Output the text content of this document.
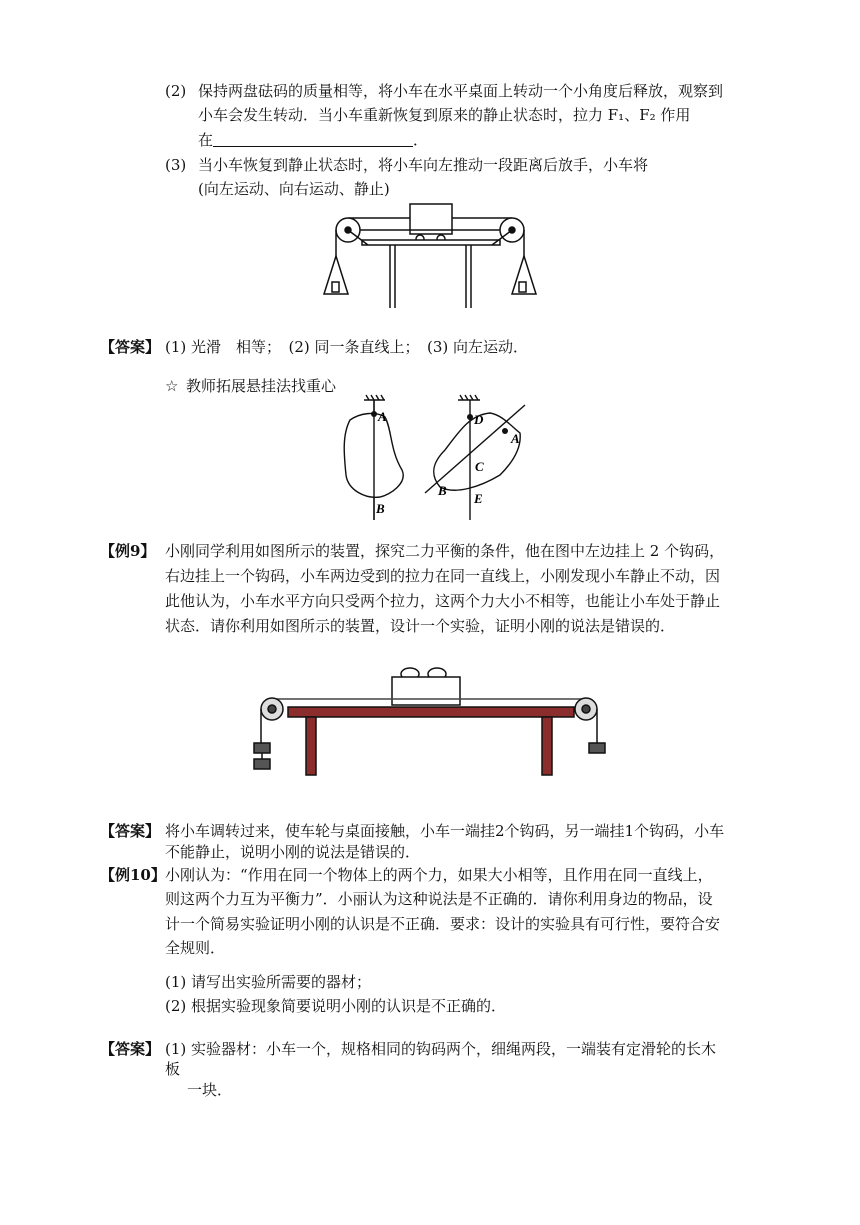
(2) 保持两盘砝码的质量相等，将小车在水平桌面上转动一个小角度后释放，观察到
小车会发生转动．当小车重新恢复到原来的静止状态时，拉力 F₁、F₂ 作用
在	．
(3) 当小车恢复到静止状态时，将小车向左推动一段距离后放手，小车将
(向左运动、向右运动、静止)
【答案】 (1) 光滑　相等；　(2) 同一条直线上；　(3) 向左运动．
☆ 教师拓展悬挂法找重心
A
B
D
A
C
B
E
【例9】 小刚同学利用如图所示的装置，探究二力平衡的条件，他在图中左边挂上 2 个钩码，
右边挂上一个钩码，小车两边受到的拉力在同一直线上，小刚发现小车静止不动，因
此他认为，小车水平方向只受两个拉力，这两个力大小不相等，也能让小车处于静止
状态．请你利用如图所示的装置，设计一个实验，证明小刚的说法是错误的．
【答案】 将小车调转过来，使车轮与桌面接触，小车一端挂2个钩码，另一端挂1个钩码，小车
不能静止，说明小刚的说法是错误的．
【例10】 小刚认为：“作用在同一个物体上的两个力，如果大小相等，且作用在同一直线上，
则这两个力互为平衡力”．小丽认为这种说法是不正确的．请你利用身边的物品，设
计一个简易实验证明小刚的认识是不正确．要求：设计的实验具有可行性，要符合安
全规则．
(1) 请写出实验所需要的器材；
(2) 根据实验现象简要说明小刚的认识是不正确的．
【答案】 (1) 实验器材：小车一个，规格相同的钩码两个，细绳两段，一端装有定滑轮的长木
板
一块．
